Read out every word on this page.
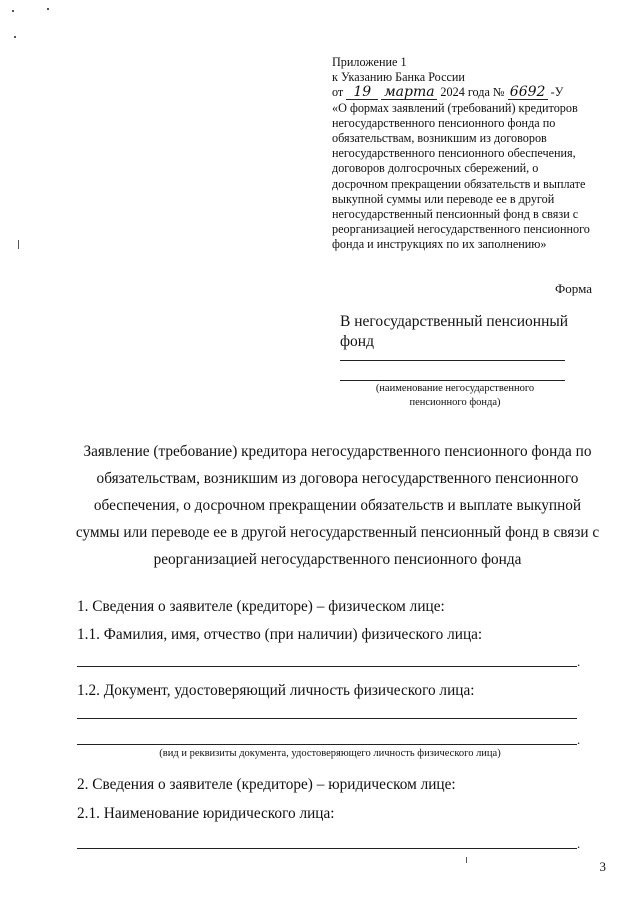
Приложение 1
к Указанию Банка России
от 19 марта 2024 года № 6692 -У
«О формах заявлений (требований) кредиторов негосударственного пенсионного фонда по обязательствам, возникшим из договоров негосударственного пенсионного обеспечения, договоров долгосрочных сбережений, о досрочном прекращении обязательств и выплате выкупной суммы или переводе ее в другой негосударственный пенсионный фонд в связи с реорганизацией негосударственного пенсионного фонда и инструкциях по их заполнению»
Форма
В негосударственный пенсионный фонд
(наименование негосударственного пенсионного фонда)
Заявление (требование) кредитора негосударственного пенсионного фонда по обязательствам, возникшим из договора негосударственного пенсионного обеспечения, о досрочном прекращении обязательств и выплате выкупной суммы или переводе ее в другой негосударственный пенсионный фонд в связи с реорганизацией негосударственного пенсионного фонда
1. Сведения о заявителе (кредиторе) – физическом лице:
1.1. Фамилия, имя, отчество (при наличии) физического лица:
.
1.2. Документ, удостоверяющий личность физического лица:
.
(вид и реквизиты документа, удостоверяющего личность физического лица)
2. Сведения о заявителе (кредиторе) – юридическом лице:
2.1. Наименование юридического лица:
.
3
